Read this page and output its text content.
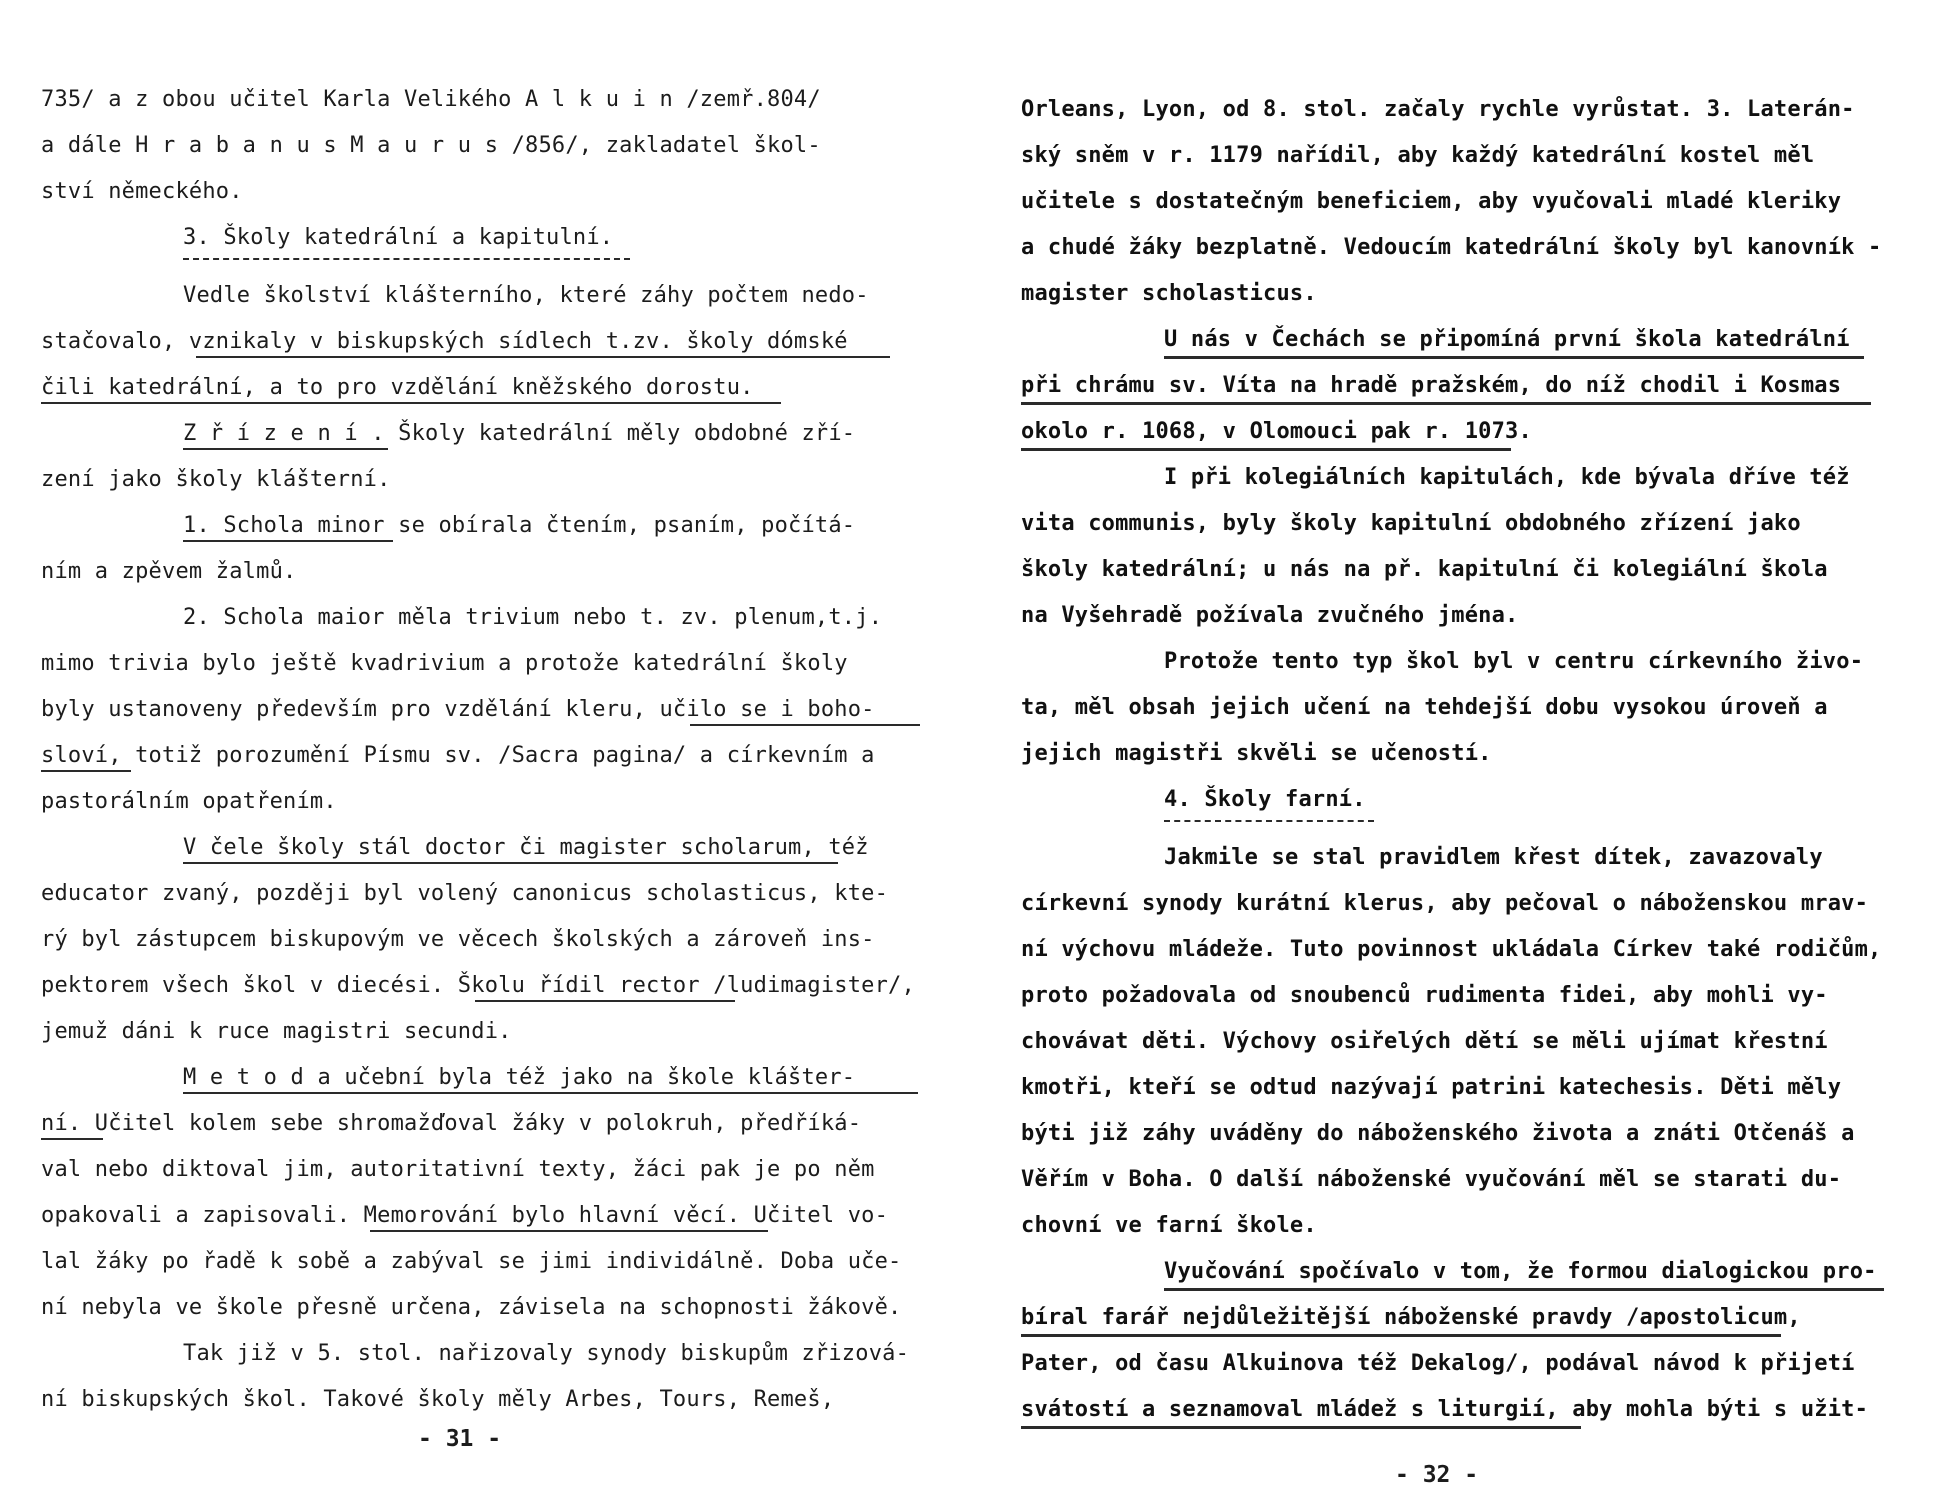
735/ a z obou učitel Karla Velikého A l k u i n /zemř.804/
a dále H r a b a n u s M a u r u s /856/, zakladatel škol-
ství německého.
3. Školy katedrální a kapitulní.
Vedle školství klášterního, které záhy počtem nedo-
stačovalo, vznikaly v biskupských sídlech t.zv. školy dómské
čili katedrální, a to pro vzdělání kněžského dorostu.
Z ř í z e n í . Školy katedrální měly obdobné zří-
zení jako školy klášterní.
1. Schola minor se obírala čtením, psaním, počítá-
ním a zpěvem žalmů.
2. Schola maior měla trivium nebo t. zv. plenum,t.j.
mimo trivia bylo ještě kvadrivium a protože katedrální školy
byly ustanoveny především pro vzdělání kleru, učilo se i boho-
sloví, totiž porozumění Písmu sv. /Sacra pagina/ a církevním a
pastorálním opatřením.
V čele školy stál doctor či magister scholarum, též
educator zvaný, později byl volený canonicus scholasticus, kte-
rý byl zástupcem biskupovým ve věcech školských a zároveň ins-
pektorem všech škol v diecési. Školu řídil rector /ludimagister/,
jemuž dáni k ruce magistri secundi.
M e t o d a učební byla též jako na škole klášter-
ní. Učitel kolem sebe shromažďoval žáky v polokruh, předříká-
val nebo diktoval jim, autoritativní texty, žáci pak je po něm
opakovali a zapisovali. Memorování bylo hlavní věcí. Učitel vo-
lal žáky po řadě k sobě a zabýval se jimi individálně. Doba uče-
ní nebyla ve škole přesně určena, závisela na schopnosti žákově.
Tak již v 5. stol. nařizovaly synody biskupům zřizová-
ní biskupských škol. Takové školy měly Arbes, Tours, Remeš,
- 31 -
Orleans, Lyon, od 8. stol. začaly rychle vyrůstat. 3. Laterán-
ský sněm v r. 1179 nařídil, aby každý katedrální kostel měl
učitele s dostatečným beneficiem, aby vyučovali mladé kleriky
a chudé žáky bezplatně. Vedoucím katedrální školy byl kanovník -
magister scholasticus.
U nás v Čechách se připomíná první škola katedrální
při chrámu sv. Víta na hradě pražském, do níž chodil i Kosmas
okolo r. 1068, v Olomouci pak r. 1073.
I při kolegiálních kapitulách, kde bývala dříve též
vita communis, byly školy kapitulní obdobného zřízení jako
školy katedrální; u nás na př. kapitulní či kolegiální škola
na Vyšehradě požívala zvučného jména.
Protože tento typ škol byl v centru církevního živo-
ta, měl obsah jejich učení na tehdejší dobu vysokou úroveň a
jejich magistři skvěli se učeností.
4. Školy farní.
Jakmile se stal pravidlem křest dítek, zavazovaly
církevní synody kurátní klerus, aby pečoval o náboženskou mrav-
ní výchovu mládeže. Tuto povinnost ukládala Církev také rodičům,
proto požadovala od snoubenců rudimenta fidei, aby mohli vy-
chovávat děti. Výchovy osiřelých dětí se měli ujímat křestní
kmotři, kteří se odtud nazývají patrini katechesis. Děti měly
býti již záhy uváděny do náboženského života a znáti Otčenáš a
Věřím v Boha. O další náboženské vyučování měl se starati du-
chovní ve farní škole.
Vyučování spočívalo v tom, že formou dialogickou pro-
bíral farář nejdůležitější náboženské pravdy /apostolicum,
Pater, od času Alkuinova též Dekalog/, podával návod k přijetí
svátostí a seznamoval mládež s liturgií, aby mohla býti s užit-
- 32 -
